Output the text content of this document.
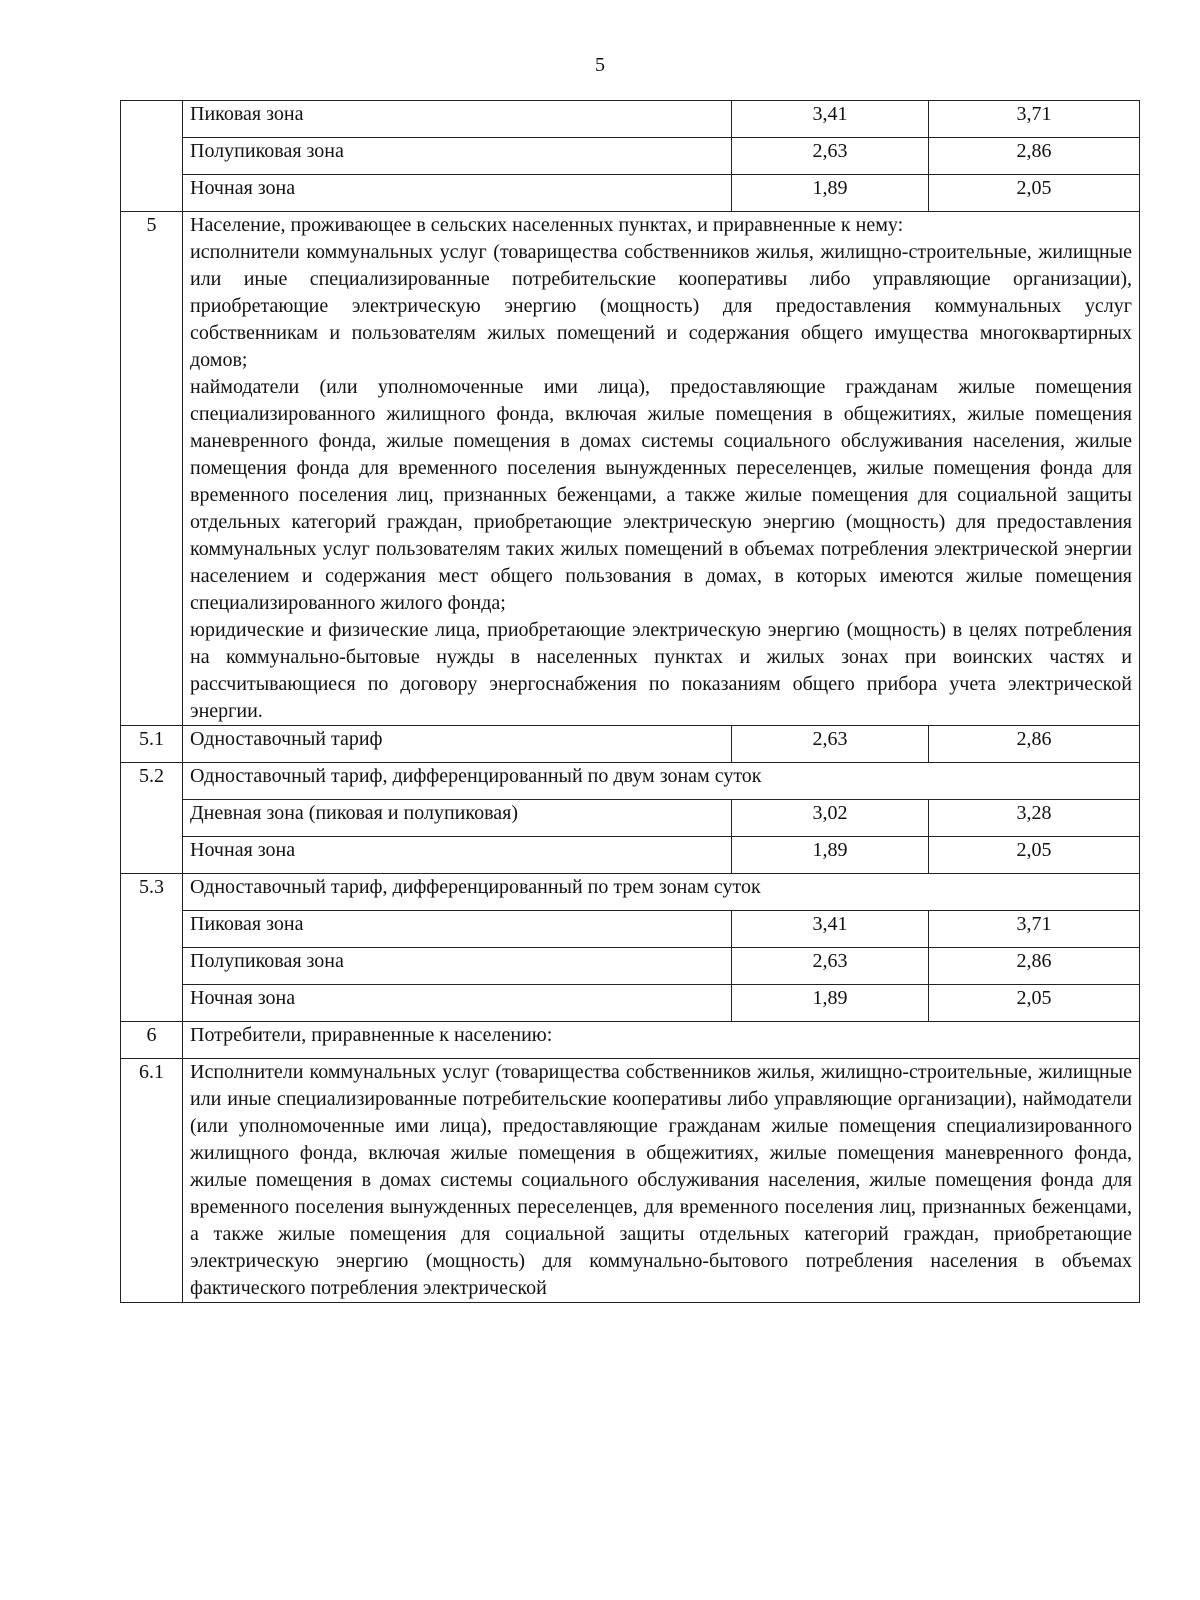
5
	Пиковая зона	3,41	3,71
	Полупиковая зона	2,63	2,86
	Ночная зона	1,89	2,05
5	Население, проживающее в сельских населенных пунктах, и приравненные к нему:
исполнители коммунальных услуг (товарищества собственников жилья, жилищно-строительные, жилищные или иные специализированные потребительские кооперативы либо управляющие организации), приобретающие электрическую энергию (мощность) для предоставления коммунальных услуг собственникам и пользователям жилых помещений и содержания общего имущества многоквартирных домов;
наймодатели (или уполномоченные ими лица), предоставляющие гражданам жилые помещения специализированного жилищного фонда, включая жилые помещения в общежитиях, жилые помещения маневренного фонда, жилые помещения в домах системы социального обслуживания населения, жилые помещения фонда для временного поселения вынужденных переселенцев, жилые помещения фонда для временного поселения лиц, признанных беженцами, а также жилые помещения для социальной защиты отдельных категорий граждан, приобретающие электрическую энергию (мощность) для предоставления коммунальных услуг пользователям таких жилых помещений в объемах потребления электрической энергии населением и содержания мест общего пользования в домах, в которых имеются жилые помещения специализированного жилого фонда;
юридические и физические лица, приобретающие электрическую энергию (мощность) в целях потребления на коммунально-бытовые нужды в населенных пунктах и жилых зонах при воинских частях и рассчитывающиеся по договору энергоснабжения по показаниям общего прибора учета электрической энергии.		

5.1	Одноставочный тариф	2,63	2,86
5.2	Одноставочный тариф, дифференцированный по двум зонам суток		
	Дневная зона (пиковая и полупиковая)	3,02	3,28
	Ночная зона	1,89	2,05
5.3	Одноставочный тариф, дифференцированный по трем зонам суток		
	Пиковая зона	3,41	3,71
	Полупиковая зона	2,63	2,86
	Ночная зона	1,89	2,05
6	Потребители, приравненные к населению:		
6.1	Исполнители коммунальных услуг (товарищества собственников жилья, жилищно-строительные, жилищные или иные специализированные потребительские кооперативы либо управляющие организации), наймодатели (или уполномоченные ими лица), предоставляющие гражданам жилые помещения специализированного жилищного фонда, включая жилые помещения в общежитиях, жилые помещения маневренного фонда, жилые помещения в домах системы социального обслуживания населения, жилые помещения фонда для временного поселения вынужденных переселенцев, для временного поселения лиц, признанных беженцами, а также жилые помещения для социальной защиты отдельных категорий граждан, приобретающие электрическую энергию (мощность) для коммунально-бытового потребления населения в объемах фактического потребления электрической		
